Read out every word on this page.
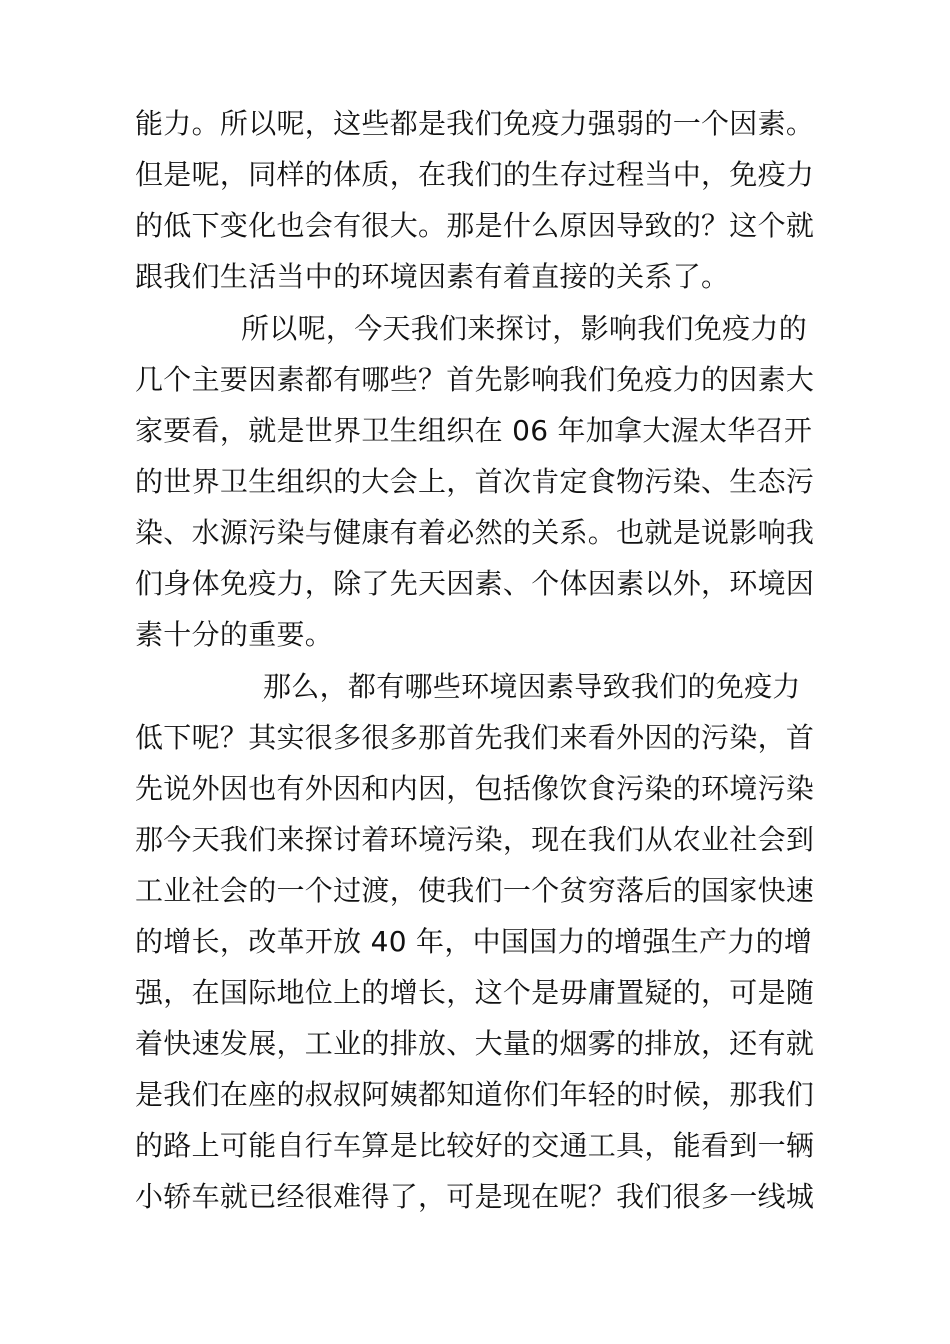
能力。所以呢，这些都是我们免疫力强弱的一个因素。
但是呢，同样的体质，在我们的生存过程当中，免疫力
的低下变化也会有很大。那是什么原因导致的？这个就
跟我们生活当中的环境因素有着直接的关系了。
所以呢，今天我们来探讨，影响我们免疫力的
几个主要因素都有哪些？首先影响我们免疫力的因素大
家要看，就是世界卫生组织在 06 年加拿大渥太华召开
的世界卫生组织的大会上，首次肯定食物污染、生态污
染、水源污染与健康有着必然的关系。也就是说影响我
们身体免疫力，除了先天因素、个体因素以外，环境因
素十分的重要。
那么，都有哪些环境因素导致我们的免疫力
低下呢？其实很多很多那首先我们来看外因的污染，首
先说外因也有外因和内因，包括像饮食污染的环境污染
那今天我们来探讨着环境污染，现在我们从农业社会到
工业社会的一个过渡，使我们一个贫穷落后的国家快速
的增长，改革开放 40 年，中国国力的增强生产力的增
强，在国际地位上的增长，这个是毋庸置疑的，可是随
着快速发展，工业的排放、大量的烟雾的排放，还有就
是我们在座的叔叔阿姨都知道你们年轻的时候，那我们
的路上可能自行车算是比较好的交通工具，能看到一辆
小轿车就已经很难得了，可是现在呢？我们很多一线城
